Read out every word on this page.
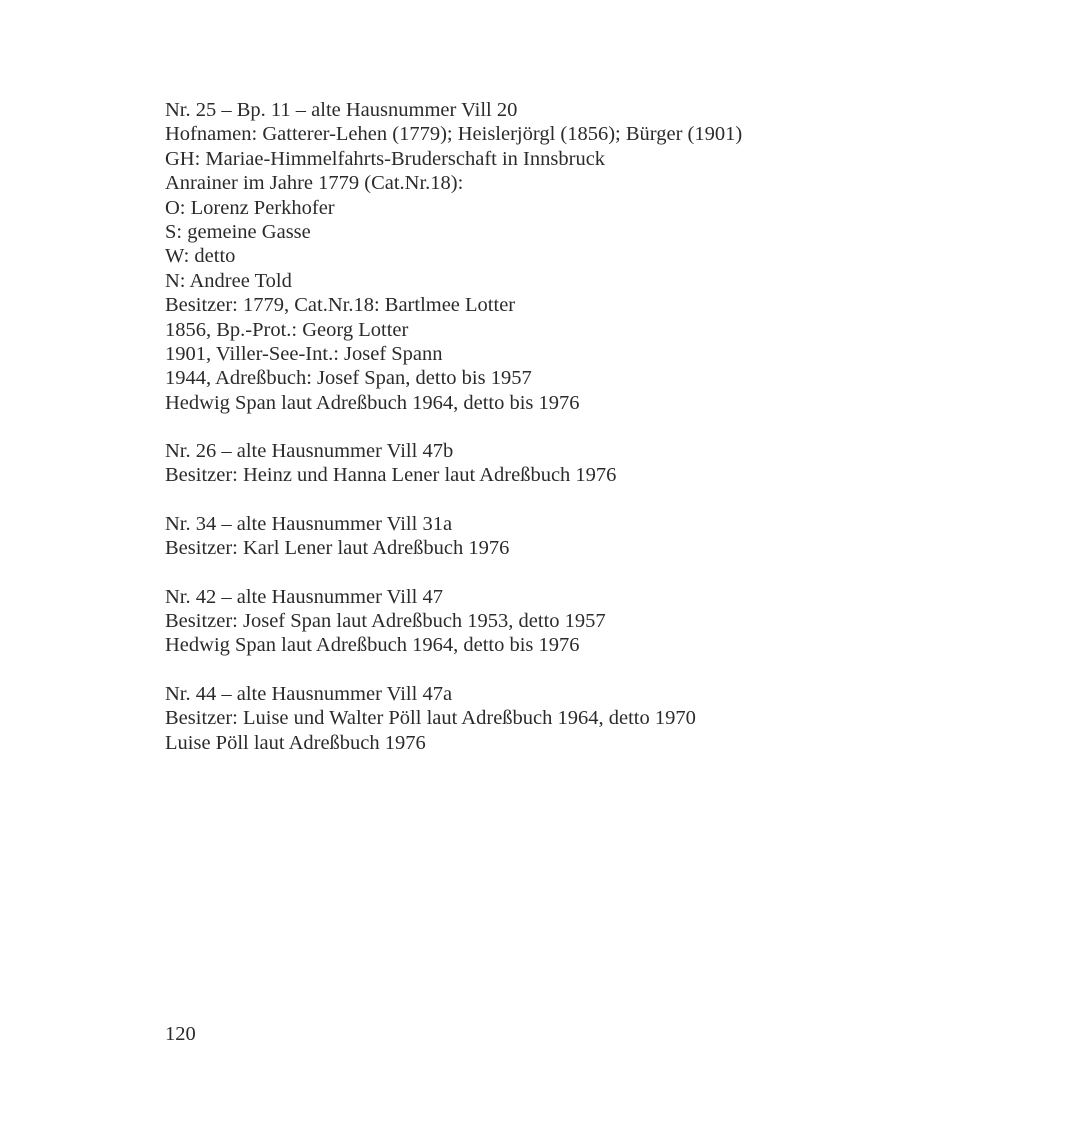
Nr. 25 – Bp. 11 – alte Hausnummer Vill 20
Hofnamen: Gatterer-Lehen (1779); Heislerjörgl (1856); Bürger (1901)
GH: Mariae-Himmelfahrts-Bruderschaft in Innsbruck
Anrainer im Jahre 1779 (Cat.Nr.18):
O: Lorenz Perkhofer
S: gemeine Gasse
W: detto
N: Andree Told
Besitzer: 1779, Cat.Nr.18: Bartlmee Lotter
1856, Bp.-Prot.: Georg Lotter
1901, Viller-See-Int.: Josef Spann
1944, Adreßbuch: Josef Span, detto bis 1957
Hedwig Span laut Adreßbuch 1964, detto bis 1976
Nr. 26 – alte Hausnummer Vill 47b
Besitzer: Heinz und Hanna Lener laut Adreßbuch 1976
Nr. 34 – alte Hausnummer Vill 31a
Besitzer: Karl Lener laut Adreßbuch 1976
Nr. 42 – alte Hausnummer Vill 47
Besitzer: Josef Span laut Adreßbuch 1953, detto 1957
Hedwig Span laut Adreßbuch 1964, detto bis 1976
Nr. 44 – alte Hausnummer Vill 47a
Besitzer: Luise und Walter Pöll laut Adreßbuch 1964, detto 1970
Luise Pöll laut Adreßbuch 1976
120
